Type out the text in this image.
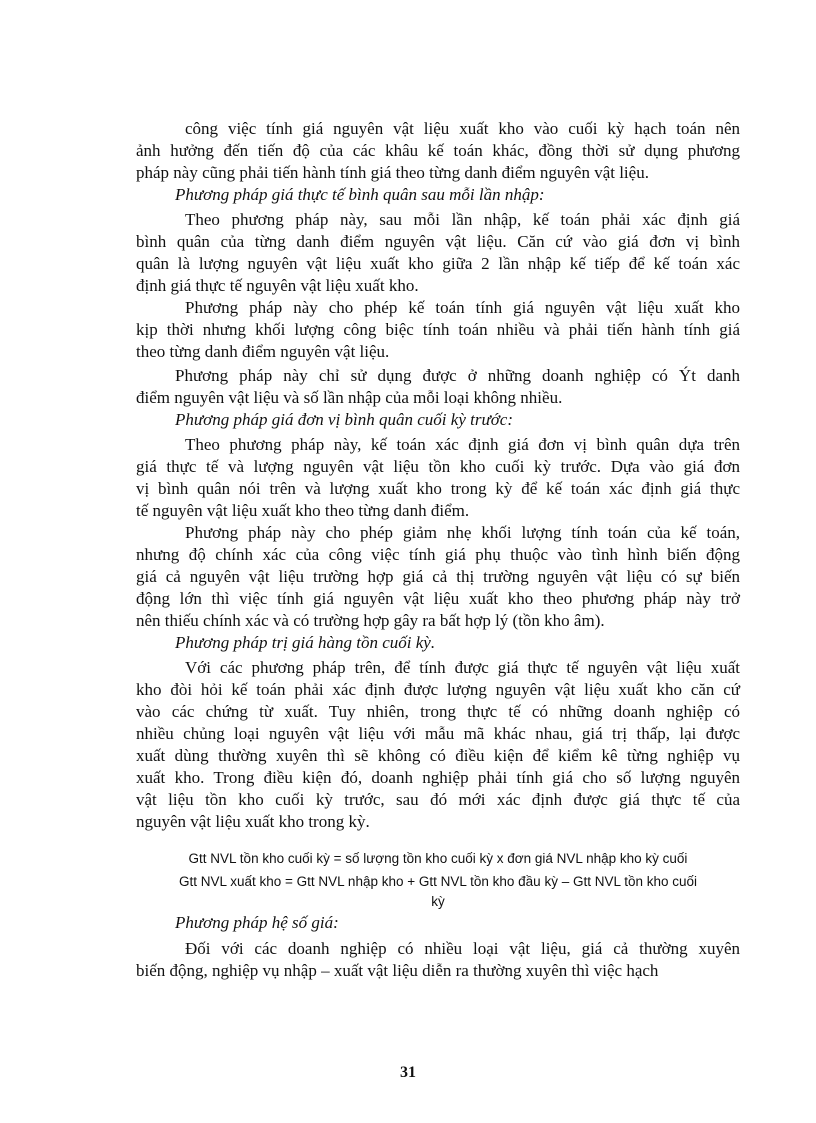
công việc tính giá nguyên vật liệu xuất kho vào cuối kỳ hạch toán nên
ảnh hưởng đến tiến độ của các khâu kế toán khác, đồng thời sử dụng phương
pháp này cũng phải tiến hành tính giá theo từng danh điểm nguyên vật liệu.
Phương pháp giá thực tế bình quân sau mỗi lần nhập:
Theo phương pháp này, sau mỗi lần nhập, kế toán phải xác định giá
bình quân của từng danh điểm nguyên vật liệu. Căn cứ vào giá đơn vị bình
quân là lượng nguyên vật liệu xuất kho giữa 2 lần nhập kế tiếp để kế toán xác
định giá thực tế nguyên vật liệu xuất kho.
Phương pháp này cho phép kế toán tính giá nguyên vật liệu xuất kho
kịp thời nhưng khối lượng công biệc tính toán nhiều và phải tiến hành tính giá
theo từng danh điểm nguyên vật liệu.
Phương pháp này chỉ sử dụng được ở những doanh nghiệp có Ýt danh
điểm nguyên vật liệu và số lần nhập của mỗi loại không nhiều.
Phương pháp giá đơn vị bình quân cuối kỳ trước:
Theo phương pháp này, kế toán xác định giá đơn vị bình quân dựa trên
giá thực tế và lượng nguyên vật liệu tồn kho cuối kỳ trước. Dựa vào giá đơn
vị bình quân nói trên và lượng xuất kho trong kỳ để kế toán xác định giá thực
tế nguyên vật liệu xuất kho theo từng danh điểm.
Phương pháp này cho phép giảm nhẹ khối lượng tính toán của kế toán,
nhưng độ chính xác của công việc tính giá phụ thuộc vào tình hình biến động
giá cả nguyên vật liệu trường hợp giá cả thị trường nguyên vật liệu có sự biến
động lớn thì việc tính giá nguyên vật liệu xuất kho theo phương pháp này trở
nên thiếu chính xác và có trường hợp gây ra bất hợp lý (tồn kho âm).
Phương pháp trị giá hàng tồn cuối kỳ.
Với các phương pháp trên, để tính được giá thực tế nguyên vật liệu xuất
kho đòi hỏi kế toán phải xác định được lượng nguyên vật liệu xuất kho căn cứ
vào các chứng từ xuất. Tuy nhiên, trong thực tế có những doanh nghiệp có
nhiều chủng loại nguyên vật liệu với mẫu mã khác nhau, giá trị thấp, lại được
xuất dùng thường xuyên thì sẽ không có điều kiện để kiểm kê từng nghiệp vụ
xuất kho. Trong điều kiện đó, doanh nghiệp phải tính giá cho số lượng nguyên
vật liệu tồn kho cuối kỳ trước, sau đó mới xác định được giá thực tế của
nguyên vật liệu xuất kho trong kỳ.
Gtt NVL tồn kho cuối kỳ = số lượng tồn kho cuối kỳ x đơn giá NVL nhập kho kỳ cuối
Gtt NVL xuất kho = Gtt NVL nhập kho + Gtt NVL tồn kho đầu kỳ – Gtt NVL tồn kho cuối
kỳ
Phương pháp hệ số giá:
Đối với các doanh nghiệp có nhiều loại vật liệu, giá cả thường xuyên
biến động, nghiệp vụ nhập – xuất vật liệu diễn ra thường xuyên thì việc hạch
31
